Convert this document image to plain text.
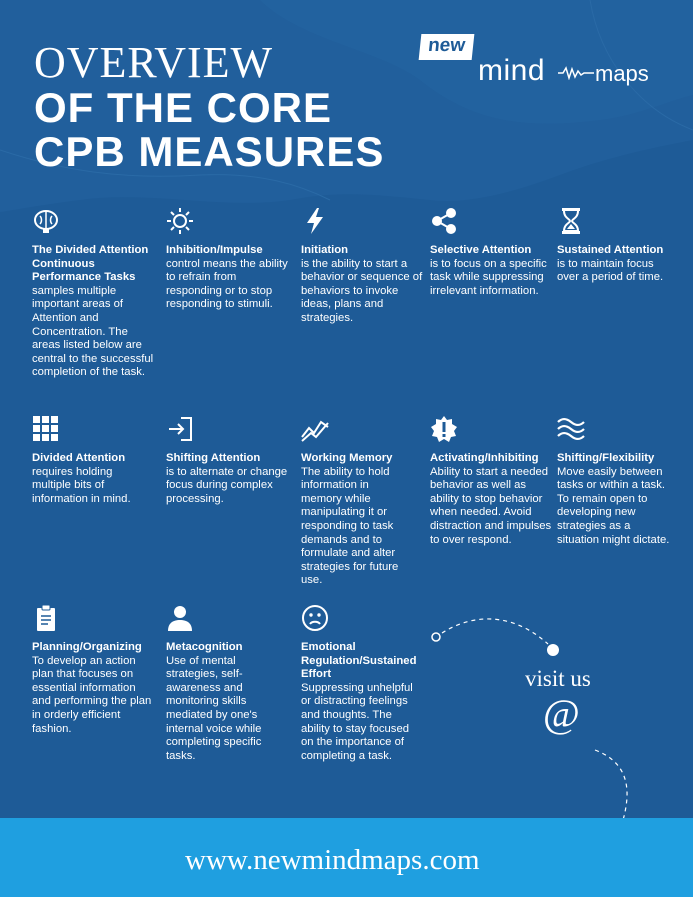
OVERVIEW
OF THE CORE
CPB MEASURES
new
mind maps
The Divided Attention Continuous Performance Tasks
samples multiple important areas of Attention and Concentration. The areas listed below are central to the successful completion of the task.
Inhibition/Impulse
control means the ability to refrain from responding or to stop responding to stimuli.
Initiation
is the ability to start a behavior or sequence of behaviors to invoke ideas, plans and strategies.
Selective Attention
is to focus on a specific task while suppressing irrelevant information.
Sustained Attention
is to maintain focus over a period of time.
Divided Attention
requires holding multiple bits of information in mind.
Shifting Attention
is to alternate or change focus during complex processing.
Working Memory
The ability to hold information in memory while manipulating it or responding to task demands and to formulate and alter strategies for future use.
Activating/Inhibiting
Ability to start a needed behavior as well as ability to stop behavior when needed. Avoid distraction and impulses to over respond.
Shifting/Flexibility
Move easily between tasks or within a task. To remain open to developing new strategies as a situation might dictate.
Planning/Organizing
To develop an action plan that focuses on essential information and performing the plan in orderly efficient fashion.
Metacognition
Use of mental strategies, self-awareness and monitoring skills mediated by one's internal voice while completing specific tasks.
Emotional Regulation/Sustained Effort
Suppressing unhelpful or distracting feelings and thoughts. The ability to stay focused on the importance of completing a task.
visit us
@
www.newmindmaps.com
